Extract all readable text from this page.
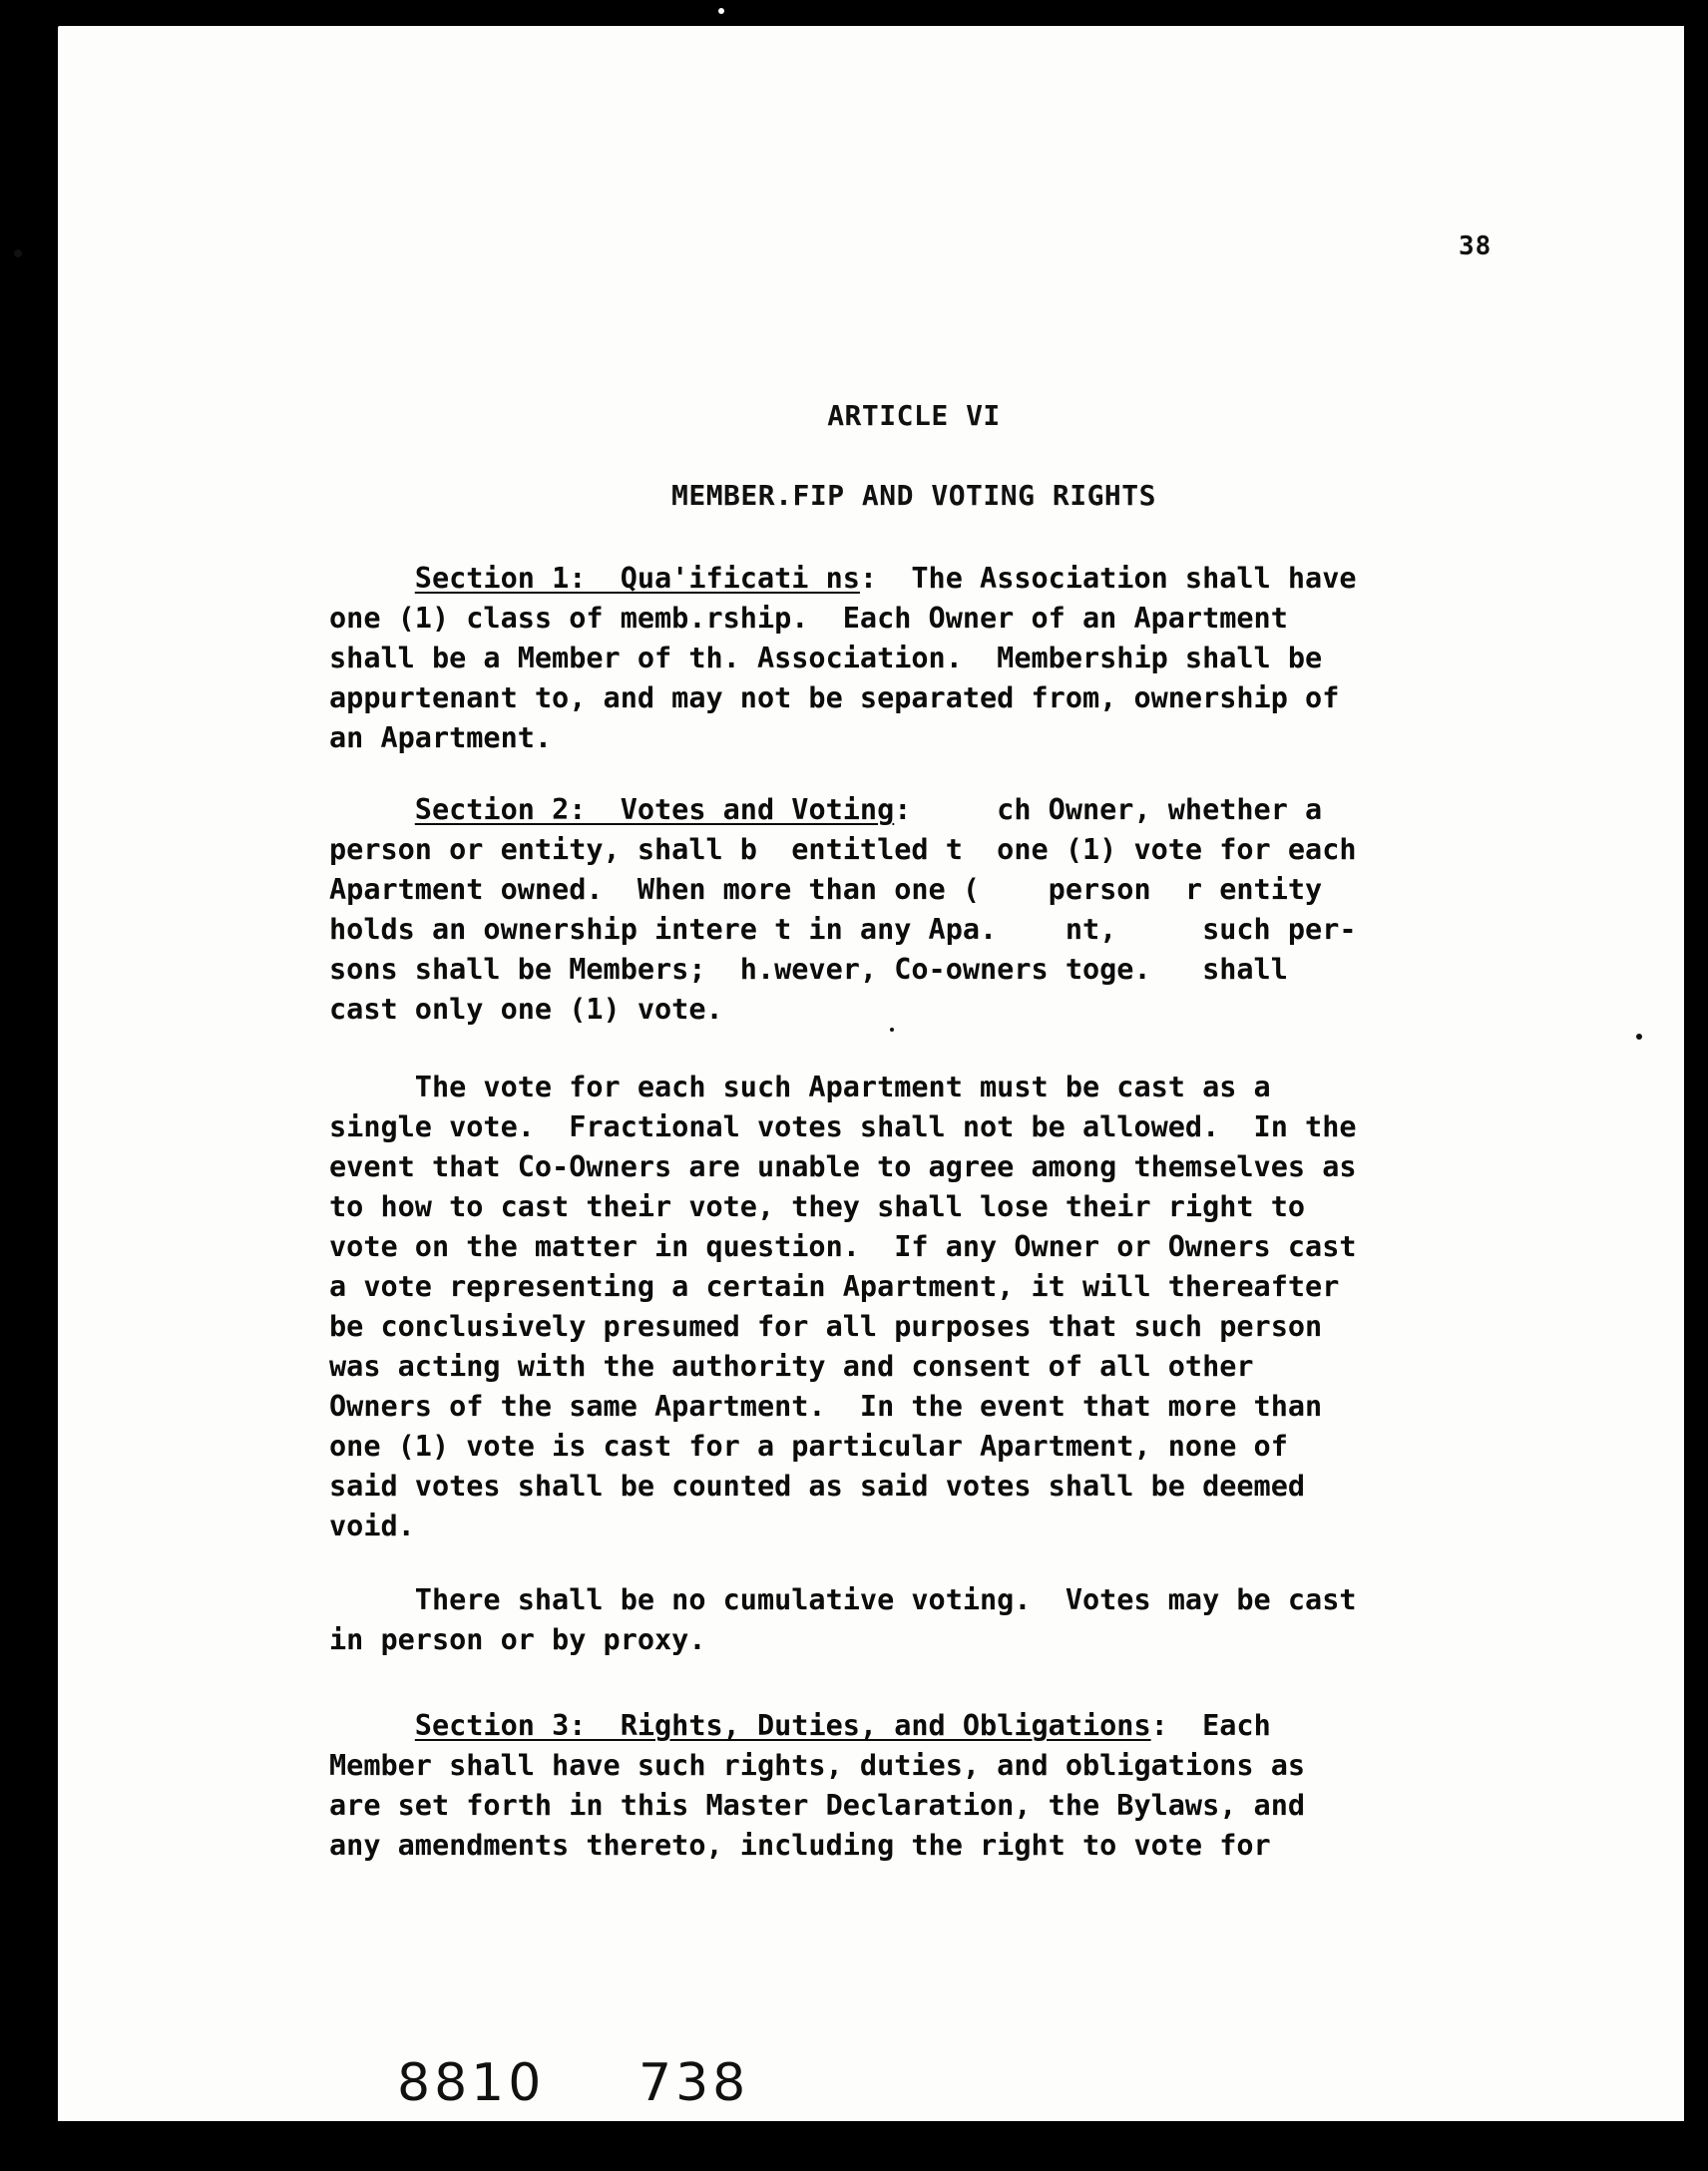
38
ARTICLE VI
MEMBER.FIP AND VOTING RIGHTS
Section 1:  Qua'ificati ns:  The Association shall have
one (1) class of memb.rship.  Each Owner of an Apartment
shall be a Member of th. Association.  Membership shall be
appurtenant to, and may not be separated from, ownership of
an Apartment.
Section 2:  Votes and Voting:     ch Owner, whether a
person or entity, shall b  entitled t  one (1) vote for each
Apartment owned.  When more than one (    person  r entity
holds an ownership intere t in any Apa.    nt,     such per-
sons shall be Members;  h.wever, Co-owners toge.   shall
cast only one (1) vote.
The vote for each such Apartment must be cast as a
single vote.  Fractional votes shall not be allowed.  In the
event that Co-Owners are unable to agree among themselves as
to how to cast their vote, they shall lose their right to
vote on the matter in question.  If any Owner or Owners cast
a vote representing a certain Apartment, it will thereafter
be conclusively presumed for all purposes that such person
was acting with the authority and consent of all other
Owners of the same Apartment.  In the event that more than
one (1) vote is cast for a particular Apartment, none of
said votes shall be counted as said votes shall be deemed
void.
There shall be no cumulative voting.  Votes may be cast
in person or by proxy.
Section 3:  Rights, Duties, and Obligations:  Each
Member shall have such rights, duties, and obligations as
are set forth in this Master Declaration, the Bylaws, and
any amendments thereto, including the right to vote for
8810 738
